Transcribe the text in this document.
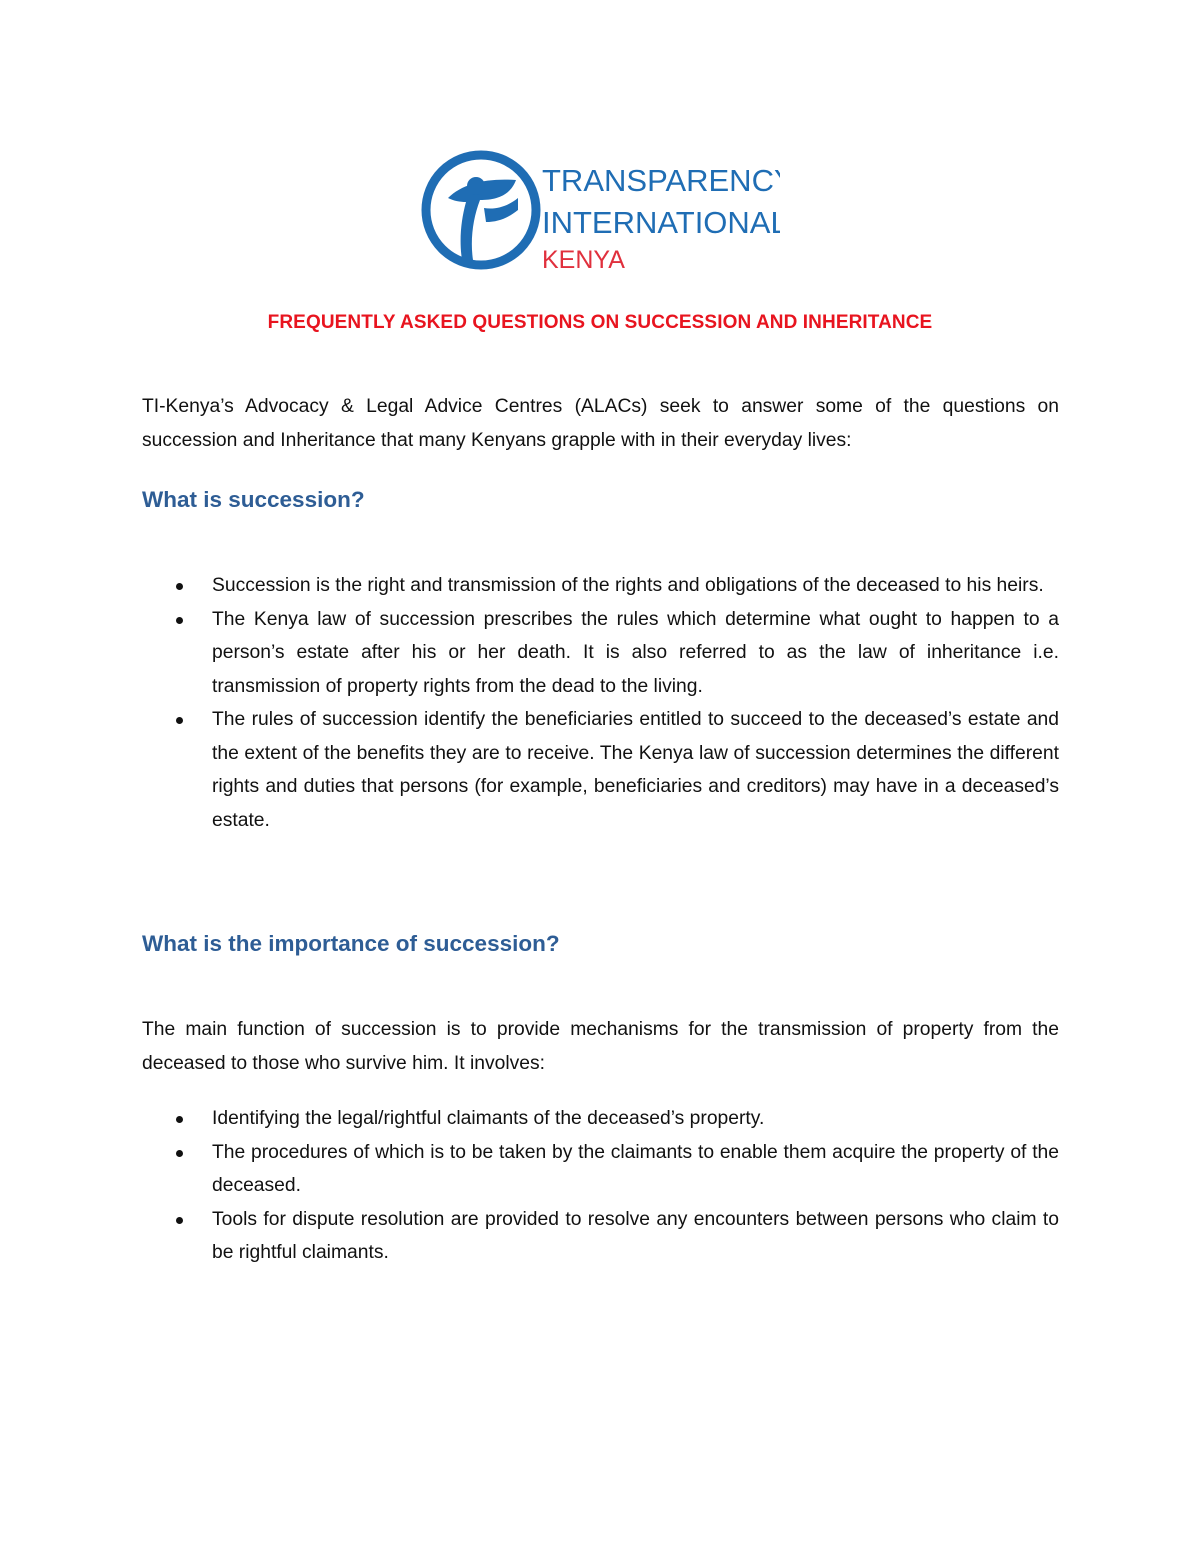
TRANSPARENCY
INTERNATIONAL
KENYA
FREQUENTLY ASKED QUESTIONS ON SUCCESSION AND INHERITANCE

TI-Kenya’s Advocacy & Legal Advice Centres (ALACs) seek to answer some of the questions on succession and Inheritance that many Kenyans grapple with in their everyday lives:

What is succession?
Succession is the right and transmission of the rights and obligations of the deceased to his heirs.
The Kenya law of succession prescribes the rules which determine what ought to happen to a person’s estate after his or her death. It is also referred to as the law of inheritance i.e. transmission of property rights from the dead to the living.
The rules of succession identify the beneficiaries entitled to succeed to the deceased’s estate and the extent of the benefits they are to receive. The Kenya law of succession determines the different rights and duties that persons (for example, beneficiaries and creditors) may have in a deceased’s estate.
What is the importance of succession?

The main function of succession is to provide mechanisms for the transmission of property from the deceased to those who survive him. It involves:

Identifying the legal/rightful claimants of the deceased’s property.
The procedures of which is to be taken by the claimants to enable them acquire the property of the deceased.
Tools for dispute resolution are provided to resolve any encounters between persons who claim to be rightful claimants.
